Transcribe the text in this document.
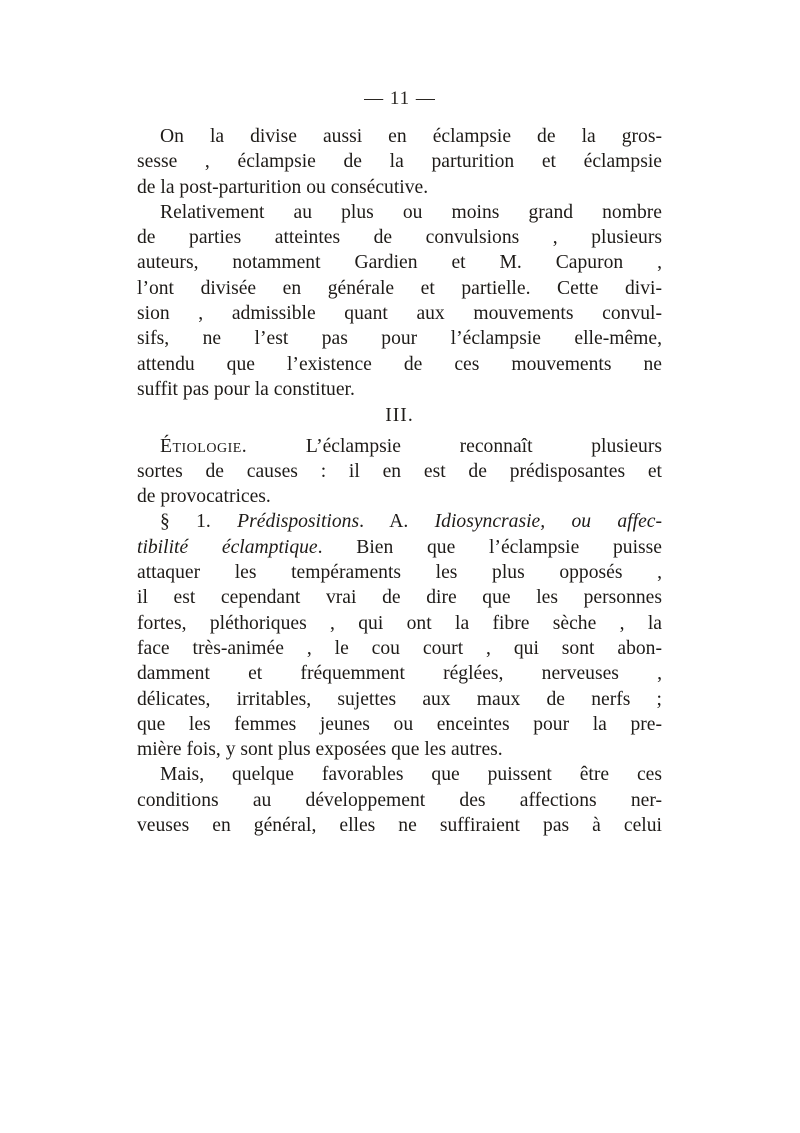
— 11 —
On la divise aussi en éclampsie de la gros-
sesse , éclampsie de la parturition et éclampsie
de la post-parturition ou consécutive.
Relativement au plus ou moins grand nombre
de parties atteintes de convulsions , plusieurs
auteurs, notamment Gardien et M. Capuron ,
l’ont divisée en générale et partielle. Cette divi-
sion , admissible quant aux mouvements convul-
sifs, ne l’est pas pour l’éclampsie elle-même,
attendu que l’existence de ces mouvements ne
suffit pas pour la constituer.
III.
Étiologie. L’éclampsie reconnaît plusieurs
sortes de causes : il en est de prédisposantes et
de provocatrices.
§ 1. Prédispositions. A. Idiosyncrasie, ou affec-
tibilité éclamptique. Bien que l’éclampsie puisse
attaquer les tempéraments les plus opposés ,
il est cependant vrai de dire que les personnes
fortes, pléthoriques , qui ont la fibre sèche , la
face très-animée , le cou court , qui sont abon-
damment et fréquemment réglées, nerveuses ,
délicates, irritables, sujettes aux maux de nerfs ;
que les femmes jeunes ou enceintes pour la pre-
mière fois, y sont plus exposées que les autres.
Mais, quelque favorables que puissent être ces
conditions au développement des affections ner-
veuses en général, elles ne suffiraient pas à celui
